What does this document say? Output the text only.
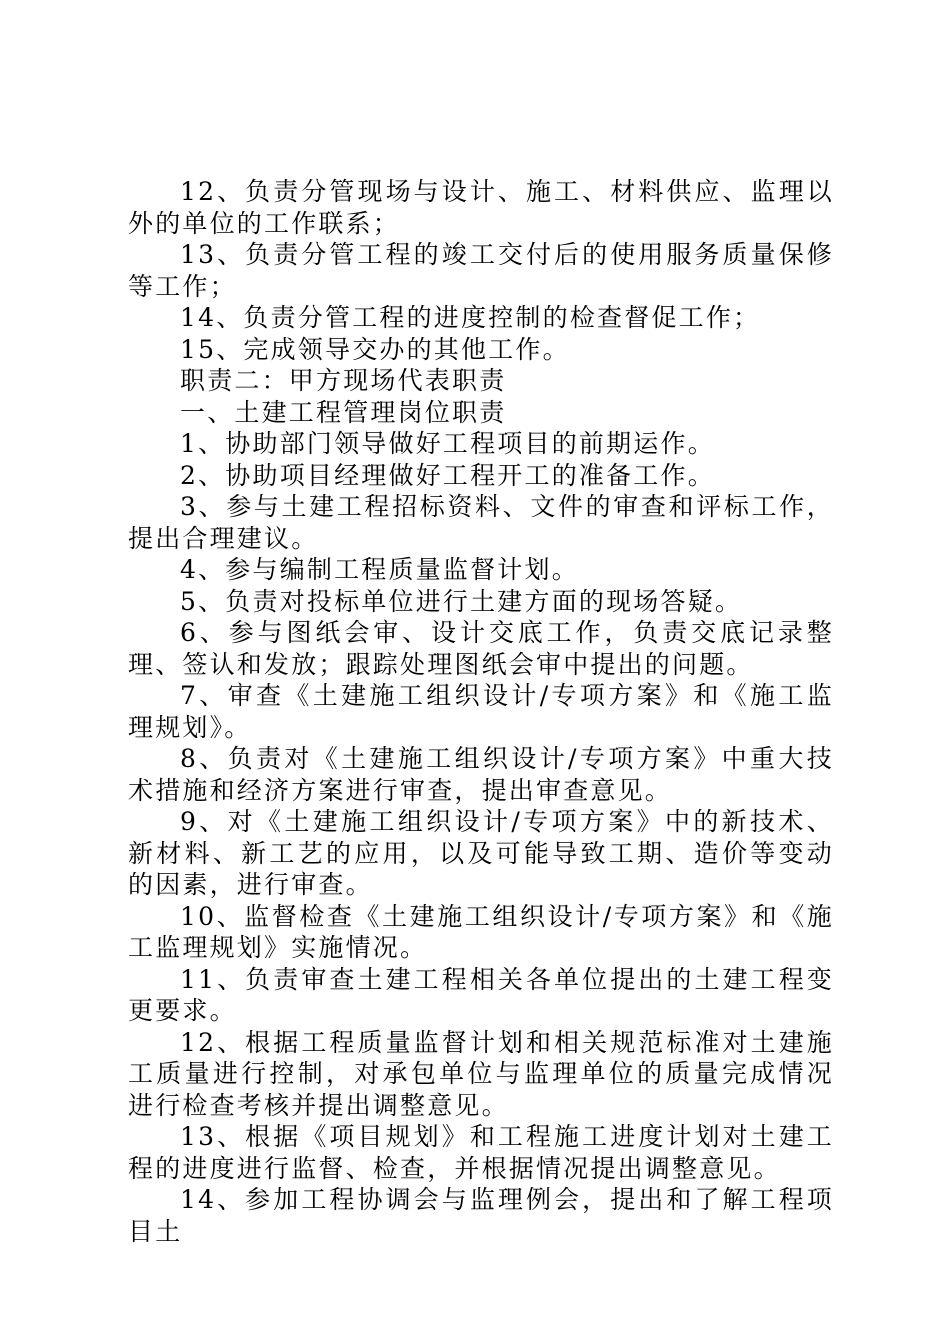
12、负责分管现场与设计、施工、材料供应、监理以外的单位的工作联系；

13、负责分管工程的竣工交付后的使用服务质量保修等工作；

14、负责分管工程的进度控制的检查督促工作；

15、完成领导交办的其他工作。

职责二：甲方现场代表职责

一、土建工程管理岗位职责

1、协助部门领导做好工程项目的前期运作。

2、协助项目经理做好工程开工的准备工作。

3、参与土建工程招标资料、文件的审查和评标工作，提出合理建议。

4、参与编制工程质量监督计划。

5、负责对投标单位进行土建方面的现场答疑。

6、参与图纸会审、设计交底工作，负责交底记录整理、签认和发放；跟踪处理图纸会审中提出的问题。

7、审查《土建施工组织设计/专项方案》和《施工监理规划》。

8、负责对《土建施工组织设计/专项方案》中重大技术措施和经济方案进行审查，提出审查意见。

9、对《土建施工组织设计/专项方案》中的新技术、新材料、新工艺的应用，以及可能导致工期、造价等变动的因素，进行审查。

10、监督检查《土建施工组织设计/专项方案》和《施工监理规划》实施情况。

11、负责审查土建工程相关各单位提出的土建工程变更要求。

12、根据工程质量监督计划和相关规范标准对土建施工质量进行控制，对承包单位与监理单位的质量完成情况进行检查考核并提出调整意见。

13、根据《项目规划》和工程施工进度计划对土建工程的进度进行监督、检查，并根据情况提出调整意见。

14、参加工程协调会与监理例会，提出和了解工程项目土
